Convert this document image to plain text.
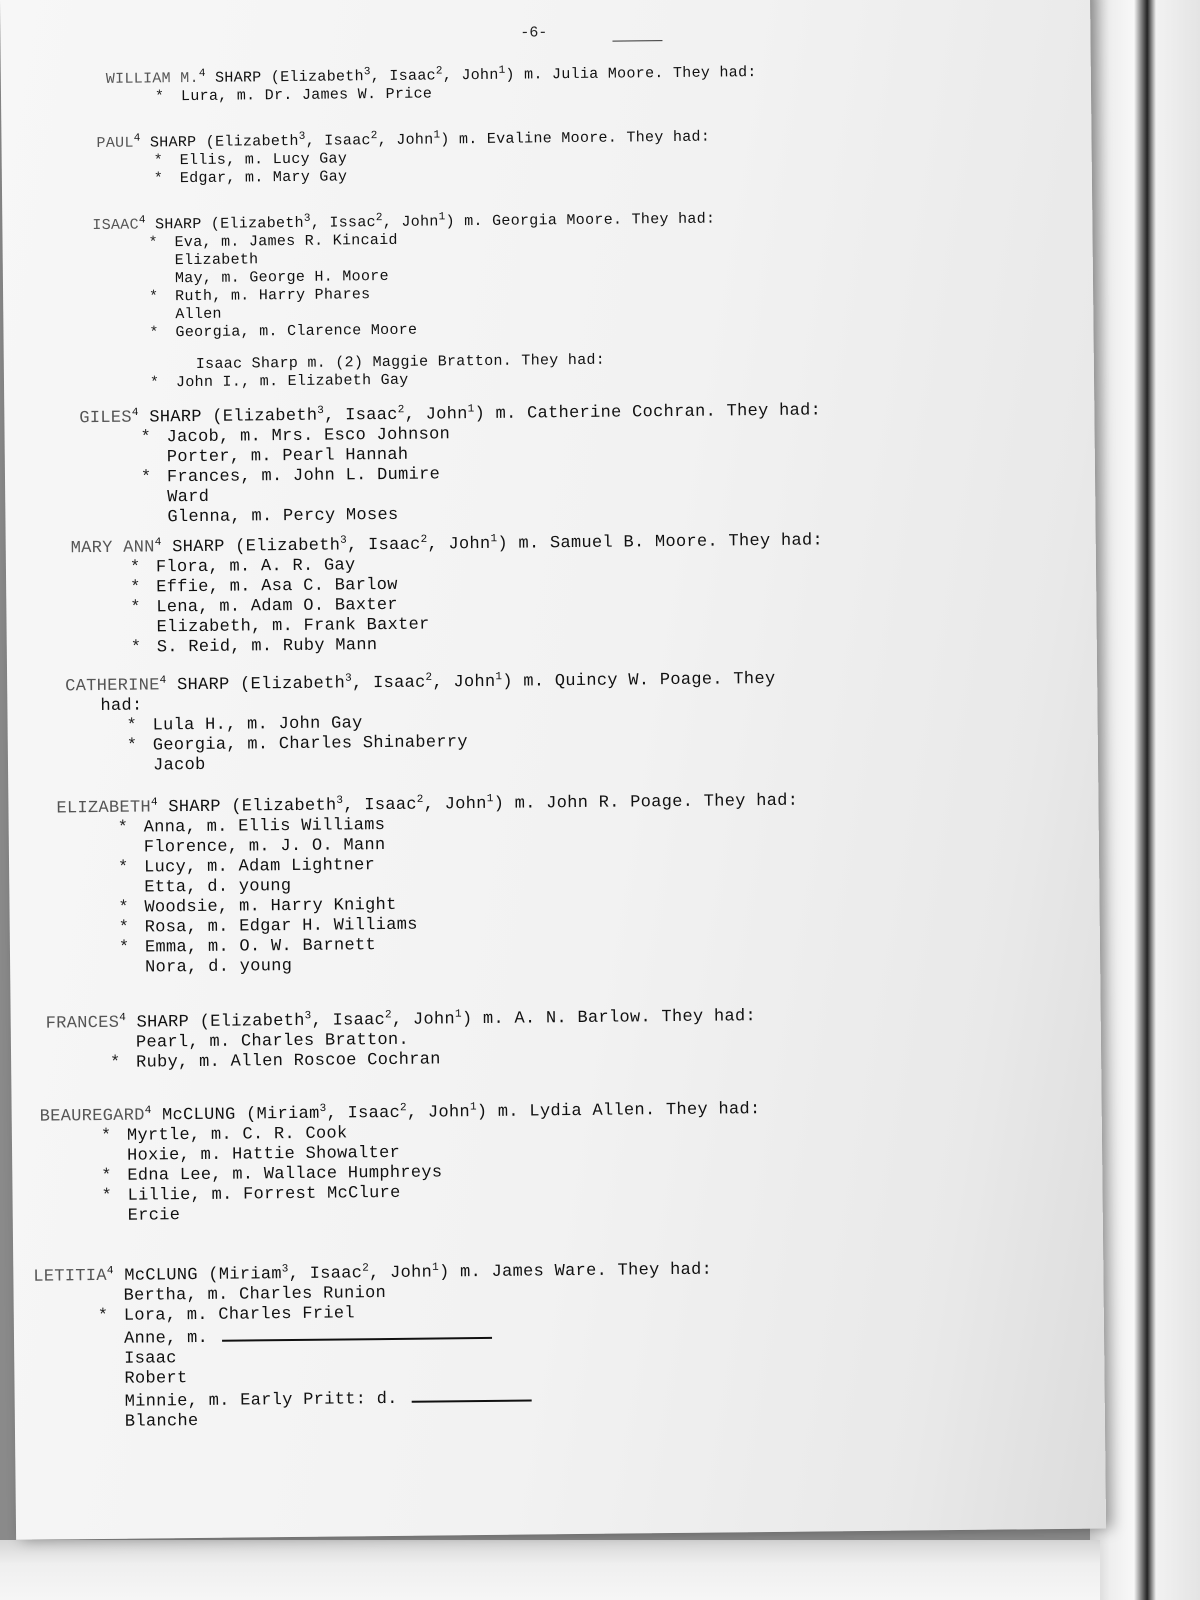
-6-
WILLIAM M.$^4$ SHARP (Elizabeth$^3$, Isaac$^2$, John$^1$) m. Julia Moore. They had:
* Lura, m. Dr. James W. Price
PAUL$^4$ SHARP (Elizabeth$^3$, Isaac$^2$, John$^1$) m. Evaline Moore. They had:
* Ellis, m. Lucy Gay
* Edgar, m. Mary Gay
ISAAC$^4$ SHARP (Elizabeth$^3$, Issac$^2$, John$^1$) m. Georgia Moore. They had:
* Eva, m. James R. Kincaid
Elizabeth
May, m. George H. Moore
* Ruth, m. Harry Phares
Allen
* Georgia, m. Clarence Moore
Isaac Sharp m. (2) Maggie Bratton. They had:
* John I., m. Elizabeth Gay
GILES$^4$ SHARP (Elizabeth$^3$, Isaac$^2$, John$^1$) m. Catherine Cochran. They had:
* Jacob, m. Mrs. Esco Johnson
Porter, m. Pearl Hannah
* Frances, m. John L. Dumire
Ward
Glenna, m. Percy Moses
MARY ANN$^4$ SHARP (Elizabeth$^3$, Isaac$^2$, John$^1$) m. Samuel B. Moore. They had:
* Flora, m. A. R. Gay
* Effie, m. Asa C. Barlow
* Lena, m. Adam O. Baxter
Elizabeth, m. Frank Baxter
* S. Reid, m. Ruby Mann
CATHERINE$^4$ SHARP (Elizabeth$^3$, Isaac$^2$, John$^1$) m. Quincy W. Poage. They
had:
* Lula H., m. John Gay
* Georgia, m. Charles Shinaberry
Jacob
ELIZABETH$^4$ SHARP (Elizabeth$^3$, Isaac$^2$, John$^1$) m. John R. Poage. They had:
* Anna, m. Ellis Williams
Florence, m. J. O. Mann
* Lucy, m. Adam Lightner
Etta, d. young
* Woodsie, m. Harry Knight
* Rosa, m. Edgar H. Williams
* Emma, m. O. W. Barnett
Nora, d. young
FRANCES$^4$ SHARP (Elizabeth$^3$, Isaac$^2$, John$^1$) m. A. N. Barlow. They had:
Pearl, m. Charles Bratton.
* Ruby, m. Allen Roscoe Cochran
BEAUREGARD$^4$ McCLUNG (Miriam$^3$, Isaac$^2$, John$^1$) m. Lydia Allen. They had:
* Myrtle, m. C. R. Cook
Hoxie, m. Hattie Showalter
* Edna Lee, m. Wallace Humphreys
* Lillie, m. Forrest McClure
Ercie
LETITIA$^4$ McCLUNG (Miriam$^3$, Isaac$^2$, John$^1$) m. James Ware. They had:
Bertha, m. Charles Runion
* Lora, m. Charles Friel
Anne, m.
Isaac
Robert
Minnie, m. Early Pritt: d.
Blanche
